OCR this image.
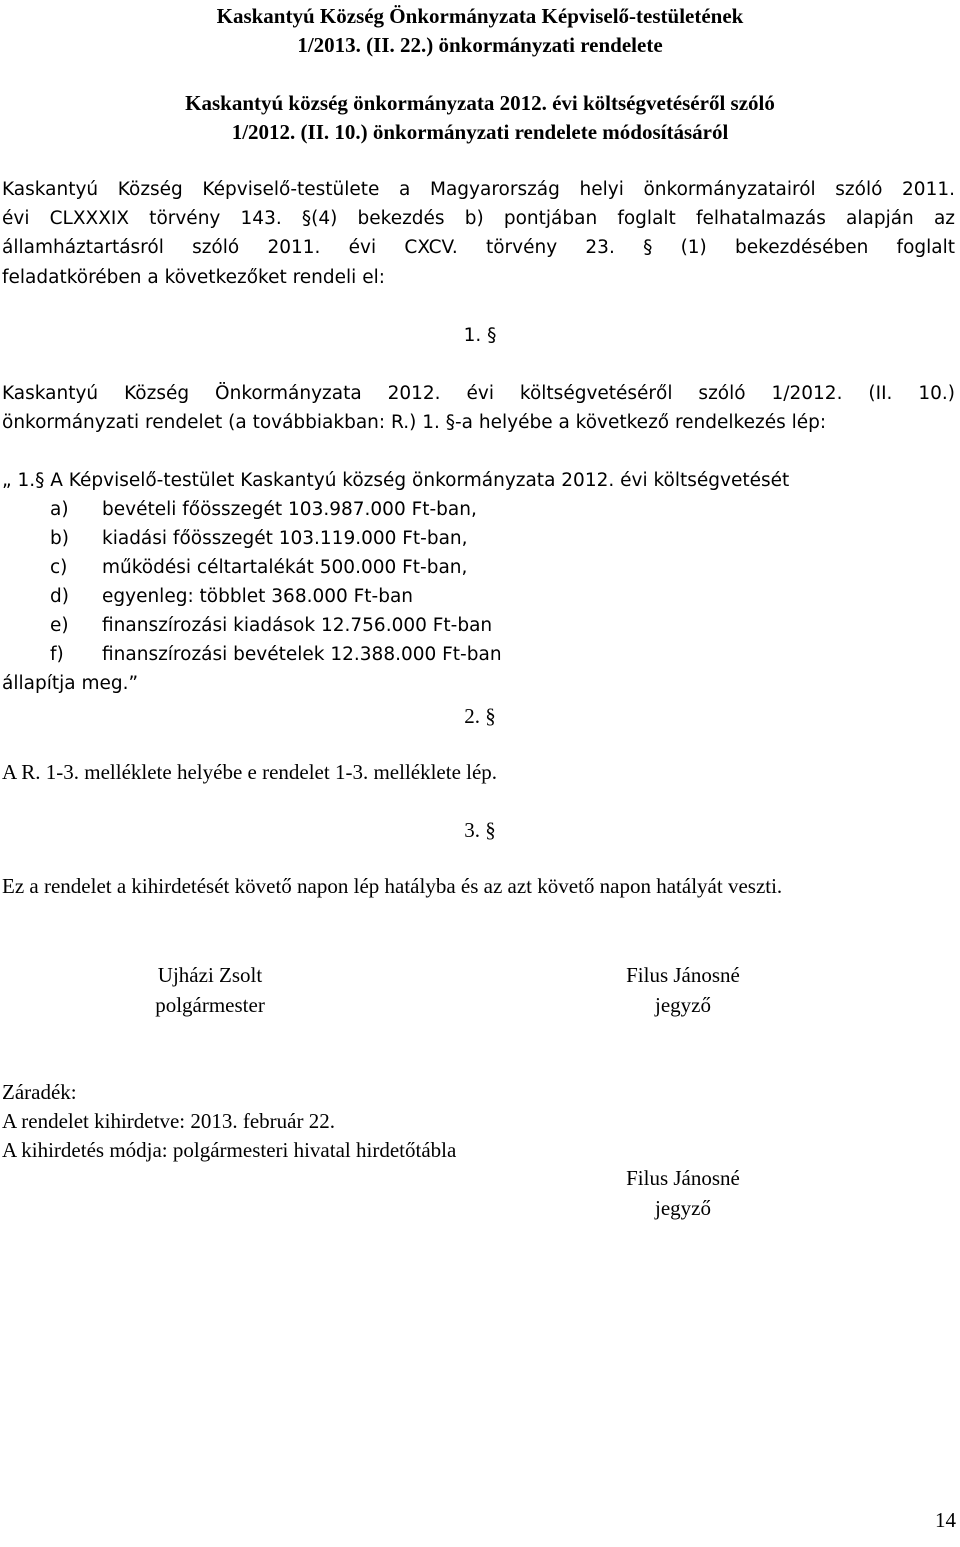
Kaskantyú Község Önkormányzata Képviselő-testületének
1/2013. (II. 22.) önkormányzati rendelete
Kaskantyú község önkormányzata 2012. évi költségvetéséről szóló
1/2012. (II. 10.) önkormányzati rendelete módosításáról
Kaskantyú Község Képviselő-testülete a Magyarország helyi önkormányzatairól szóló 2011.
évi CLXXXIX törvény 143. §(4) bekezdés b) pontjában foglalt felhatalmazás alapján az
államháztartásról szóló 2011. évi CXCV. törvény 23. § (1) bekezdésében foglalt
feladatkörében a következőket rendeli el:
1. §
Kaskantyú Község Önkormányzata 2012. évi költségvetéséről szóló 1/2012. (II. 10.)
önkormányzati rendelet (a továbbiakban: R.) 1. §-a helyébe a következő rendelkezés lép:
„ 1.§ A Képviselő-testület Kaskantyú község önkormányzata 2012. évi költségvetését
a) bevételi főösszegét 103.987.000 Ft-ban,
b) kiadási főösszegét 103.119.000 Ft-ban,
c) működési céltartalékát 500.000 Ft-ban,
d) egyenleg: többlet 368.000 Ft-ban
e) finanszírozási kiadások 12.756.000 Ft-ban
f) finanszírozási bevételek 12.388.000 Ft-ban
állapítja meg.”
2. §
A R. 1-3. melléklete helyébe e rendelet 1-3. melléklete lép.
3. §
Ez a rendelet a kihirdetését követő napon lép hatályba és az azt követő napon hatályát veszti.
Ujházi Zsolt
polgármester
Filus Jánosné
jegyző
Záradék:
A rendelet kihirdetve: 2013. február 22.
A kihirdetés módja: polgármesteri hivatal hirdetőtábla
Filus Jánosné
jegyző
14
